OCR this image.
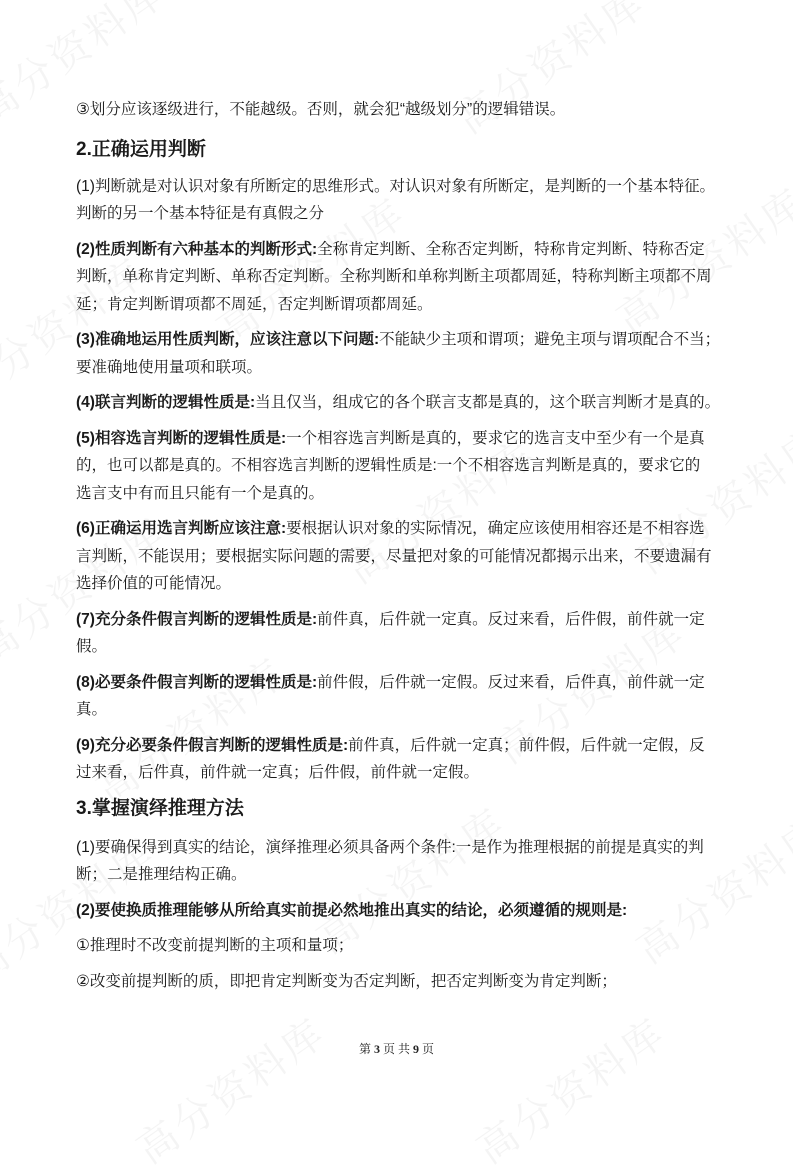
③划分应该逐级进行，不能越级。否则，就会犯“越级划分”的逻辑错误。
2.正确运用判断
(1)判断就是对认识对象有所断定的思维形式。对认识对象有所断定，是判断的一个基本特征。
判断的另一个基本特征是有真假之分
(2)性质判断有六种基本的判断形式:全称肯定判断、全称否定判断，特称肯定判断、特称否定
判断，单称肯定判断、单称否定判断。全称判断和单称判断主项都周延，特称判断主项都不周
延；肯定判断谓项都不周延，否定判断谓项都周延。
(3)准确地运用性质判断，应该注意以下问题:不能缺少主项和谓项；避免主项与谓项配合不当；
要准确地使用量项和联项。
(4)联言判断的逻辑性质是:当且仅当，组成它的各个联言支都是真的，这个联言判断才是真的。
(5)相容选言判断的逻辑性质是:一个相容选言判断是真的，要求它的选言支中至少有一个是真
的，也可以都是真的。不相容选言判断的逻辑性质是:一个不相容选言判断是真的，要求它的
选言支中有而且只能有一个是真的。
(6)正确运用选言判断应该注意:要根据认识对象的实际情况，确定应该使用相容还是不相容选
言判断，不能误用；要根据实际问题的需要，尽量把对象的可能情况都揭示出来，不要遗漏有
选择价值的可能情况。
(7)充分条件假言判断的逻辑性质是:前件真，后件就一定真。反过来看，后件假，前件就一定
假。
(8)必要条件假言判断的逻辑性质是:前件假，后件就一定假。反过来看，后件真，前件就一定
真。
(9)充分必要条件假言判断的逻辑性质是:前件真，后件就一定真；前件假，后件就一定假，反
过来看，后件真，前件就一定真；后件假，前件就一定假。
3.掌握演绎推理方法
(1)要确保得到真实的结论，演绎推理必须具备两个条件:一是作为推理根据的前提是真实的判
断；二是推理结构正确。
(2)要使换质推理能够从所给真实前提必然地推出真实的结论，必须遵循的规则是:
①推理时不改变前提判断的主项和量项；
②改变前提判断的质，即把肯定判断变为否定判断，把否定判断变为肯定判断；
第 3 页 共 9 页
